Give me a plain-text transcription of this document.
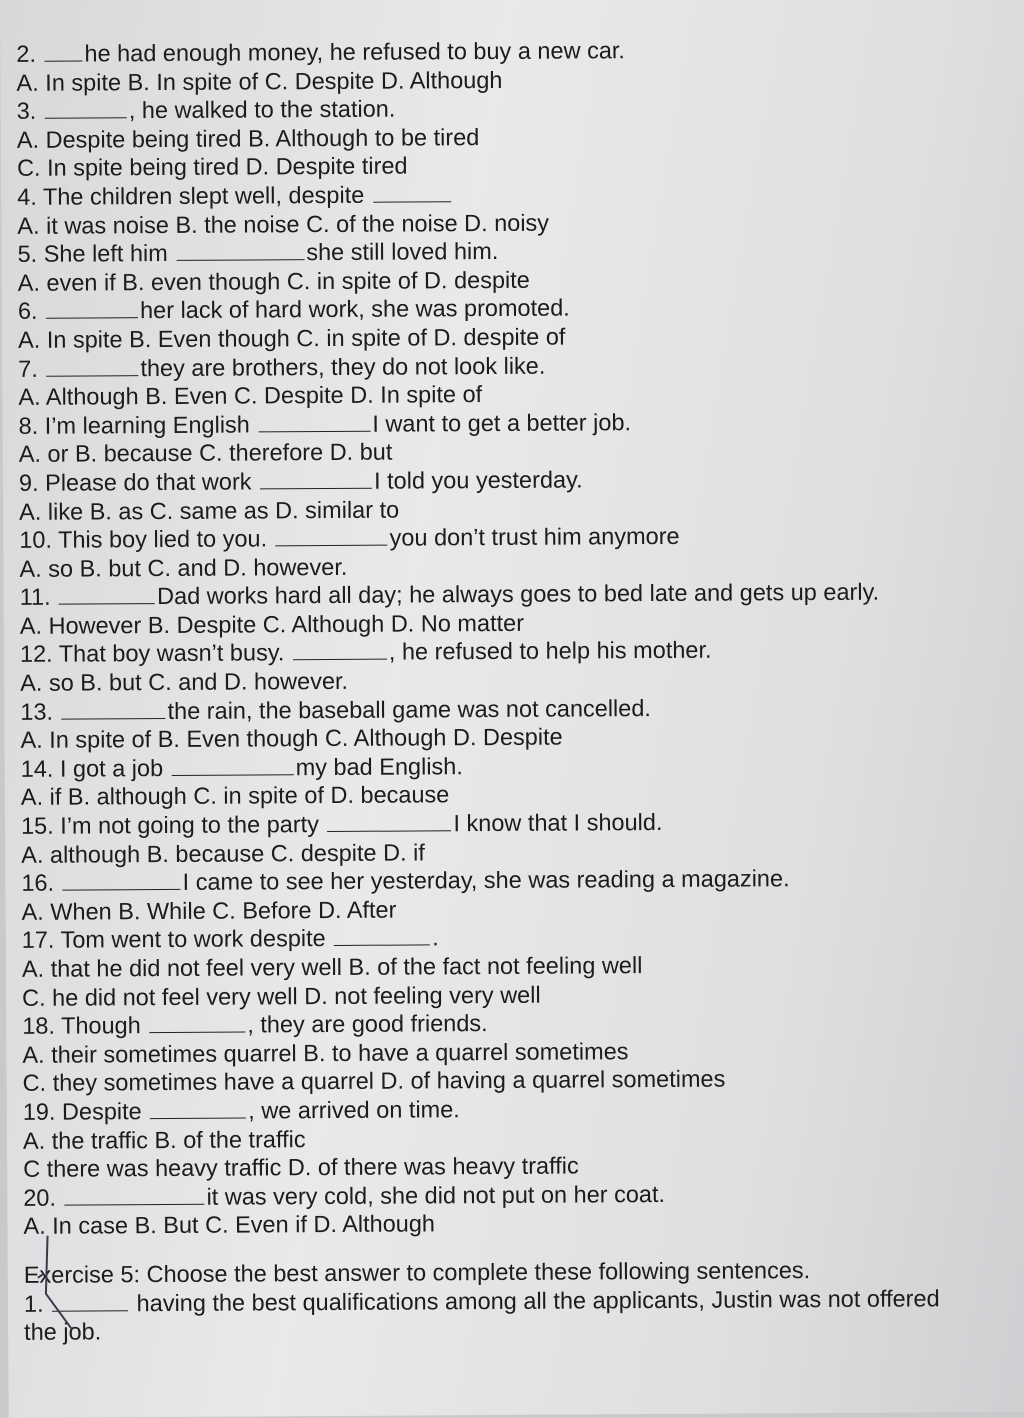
2. he had enough money, he refused to buy a new car.
A. In spite B. In spite of C. Despite D. Although
3.	, he walked to the station.
A. Despite being tired B. Although to be tired
C. In spite being tired D. Despite tired
4. The children slept well, despite
A. it was noise B. the noise C. of the noise D. noisy
5. She left him	she still loved him.
A. even if B. even though C. in spite of D. despite
6.	her lack of hard work, she was promoted.
A. In spite B. Even though C. in spite of D. despite of
7.	they are brothers, they do not look like.
A. Although B. Even C. Despite D. In spite of
8. I’m learning English	I want to get a better job.
A. or B. because C. therefore D. but
9. Please do that work	I told you yesterday.
A. like B. as C. same as D. similar to
10. This boy lied to you.	you don’t trust him anymore
A. so B. but C. and D. however.
11.	Dad works hard all day; he always goes to bed late and gets up early.
A. However B. Despite C. Although D. No matter
12. That boy wasn’t busy.	, he refused to help his mother.
A. so B. but C. and D. however.
13.	the rain, the baseball game was not cancelled.
A. In spite of B. Even though C. Although D. Despite
14. I got a job	my bad English.
A. if B. although C. in spite of D. because
15. I’m not going to the party	I know that I should.
A. although B. because C. despite D. if
16.	I came to see her yesterday, she was reading a magazine.
A. When B. While C. Before D. After
17. Tom went to work despite	.
A. that he did not feel very well B. of the fact not feeling well
C. he did not feel very well D. not feeling very well
18. Though	, they are good friends.
A. their sometimes quarrel B. to have a quarrel sometimes
C. they sometimes have a quarrel D. of having a quarrel sometimes
19. Despite	, we arrived on time.
A. the traffic B. of the traffic
C there was heavy traffic D. of there was heavy traffic
20.	it was very cold, she did not put on her coat.
A. In case B. But C. Even if D. Although
Exercise 5: Choose the best answer to complete these following sentences.
1.	having the best qualifications among all the applicants, Justin was not offered
the job.
